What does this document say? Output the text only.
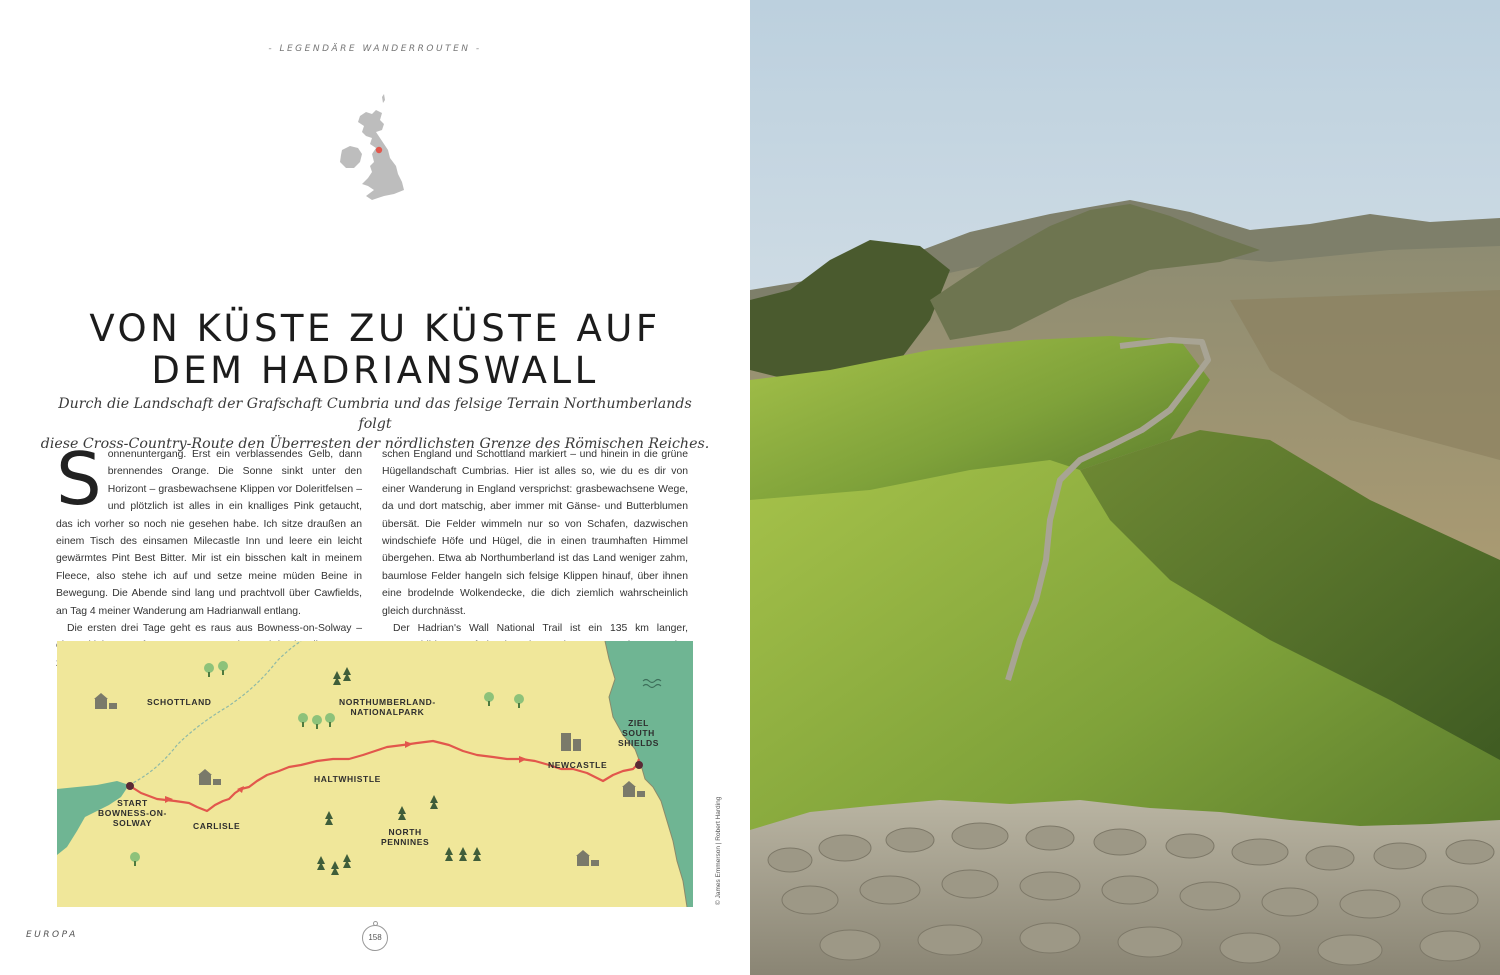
- LEGENDÄRE WANDERROUTEN -
VON KÜSTE ZU KÜSTE AUF
DEM HADRIANSWALL

Durch die Landschaft der Grafschaft Cumbria und das felsige Terrain Northumberlands folgt
diese Cross-Country-Route den Überresten der nördlichsten Grenze des Römischen Reiches.

Sonnenuntergang. Erst ein verblassendes Gelb, dann brennendes Orange. Die Sonne sinkt unter den Horizont – grasbewachsene Klippen vor Doleritfelsen – und plötzlich ist alles in ein knalliges Pink getaucht, das ich vorher so noch nie gesehen habe. Ich sitze draußen an einem Tisch des einsamen Milecastle Inn und leere ein leicht gewärmtes Pint Best Bitter. Mir ist ein bisschen kalt in meinem Fleece, also stehe ich auf und setze meine müden Beine in Bewegung. Die Abende sind lang und prachtvoll über Cawfields, an Tag 4 meiner Wanderung am Hadrianwall entlang.

Die ersten drei Tage geht es raus aus Bowness-on-Solway –

schen England und Schottland markiert – und hinein in die grüne Hügellandschaft Cumbrias. Hier ist alles so, wie du es dir von einer Wanderung in England versprichst: grasbewachsene Wege, da und dort matschig, aber immer mit Gänse- und Butterblumen übersät. Die Felder wimmeln nur so von Schafen, dazwischen windschiefe Höfe und Hügel, die in einen traumhaften Himmel übergehen. Etwa ab Northumberland ist das Land weniger zahm, baumlose Felder hangeln sich felsige Klippen hinauf, über ihnen eine brodelnde Wolkendecke, die dich ziemlich wahrscheinlich gleich durchnässt.

Der Hadrian's Wall National Trail ist ein 135 km langer,

SCHOTTLAND	NORTHUMBERLAND-
NATIONALPARK
HALTWHISTLE
NEWCASTLE
ZIEL
SOUTH
SHIELDS
START
BOWNESS-ON-
SOLWAY	CARLISLE
NORTH
PENNINES
EUROPA	158
© James Emmerson | Robert Harding
